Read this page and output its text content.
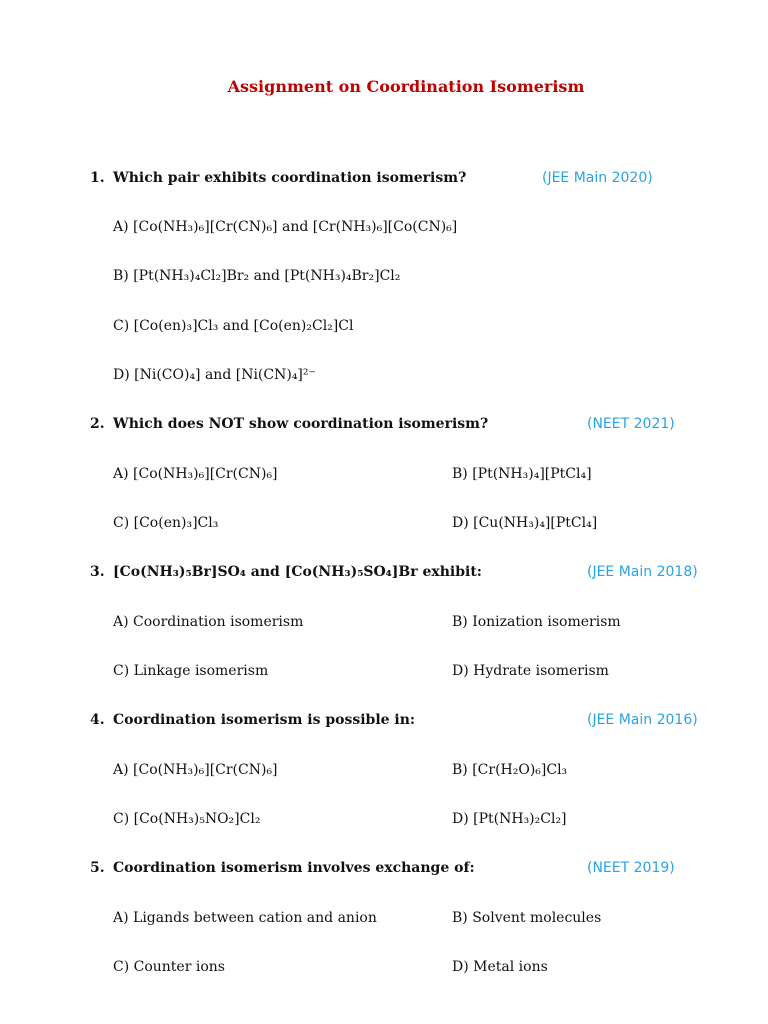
Assignment on Coordination Isomerism
1. Which pair exhibits coordination isomerism?	(JEE Main 2020)
A) [Co(NH₃)₆][Cr(CN)₆] and [Cr(NH₃)₆][Co(CN)₆]
B) [Pt(NH₃)₄Cl₂]Br₂ and [Pt(NH₃)₄Br₂]Cl₂
C) [Co(en)₃]Cl₃ and [Co(en)₂Cl₂]Cl
D) [Ni(CO)₄] and [Ni(CN)₄]²⁻
2. Which does NOT show coordination isomerism?	(NEET 2021)
A) [Co(NH₃)₆][Cr(CN)₆]	B) [Pt(NH₃)₄][PtCl₄]
C) [Co(en)₃]Cl₃	D) [Cu(NH₃)₄][PtCl₄]
3. [Co(NH₃)₅Br]SO₄ and [Co(NH₃)₅SO₄]Br exhibit:	(JEE Main 2018)
A) Coordination isomerism	B) Ionization isomerism
C) Linkage isomerism	D) Hydrate isomerism
4. Coordination isomerism is possible in:	(JEE Main 2016)
A) [Co(NH₃)₆][Cr(CN)₆]	B) [Cr(H₂O)₆]Cl₃
C) [Co(NH₃)₅NO₂]Cl₂	D) [Pt(NH₃)₂Cl₂]
5. Coordination isomerism involves exchange of:	(NEET 2019)
A) Ligands between cation and anion	B) Solvent molecules
C) Counter ions	D) Metal ions
